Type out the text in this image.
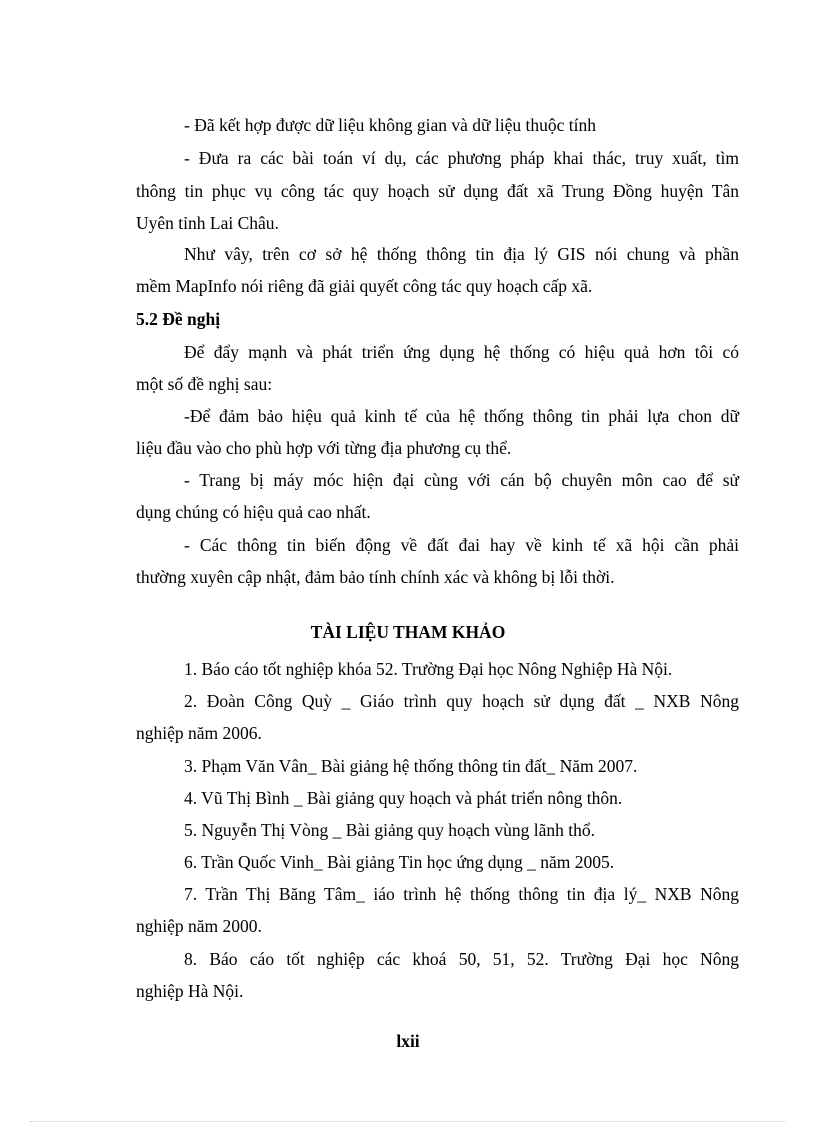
- Đã kết hợp được dữ liệu không gian và dữ liệu thuộc tính
- Đưa ra các bài toán ví dụ, các phương pháp khai thác, truy xuất, tìm
thông tin phục vụ công tác quy hoạch sử dụng đất xã Trung Đồng huyện Tân
Uyên tỉnh Lai Châu.
Như vây, trên cơ sở hệ thống thông tin địa lý GIS nói chung và phần
mềm MapInfo nói riêng đã giải quyết công tác quy hoạch cấp xã.
5.2 Đề nghị
Để đẩy mạnh và phát triển ứng dụng hệ thống có hiệu quả hơn tôi có
một số đề nghị sau:
-Để đảm bảo hiệu quả kinh tế của hệ thống thông tin phải lựa chon dữ
liệu đầu vào cho phù hợp với từng địa phương cụ thể.
- Trang bị máy móc hiện đại cùng với cán bộ chuyên môn cao để sử
dụng chúng có hiệu quả cao nhất.
- Các thông tin biến động về đất đai hay về kinh tế xã hội cần phải
thường xuyên cập nhật, đảm bảo tính chính xác và không bị lỗi thời.
TÀI LIỆU THAM KHẢO
1. Báo cáo tốt nghiệp khóa 52. Trường Đại học Nông Nghiệp Hà Nội.
2. Đoàn Công Quỳ _ Giáo trình quy hoạch sử dụng đất _ NXB Nông
nghiệp năm 2006.
3. Phạm Văn Vân_ Bài giảng hệ thống thông tin đất_ Năm 2007.
4. Vũ Thị Bình _ Bài giảng quy hoạch và phát triển nông thôn.
5. Nguyễn Thị Vòng _ Bài giảng quy hoạch vùng lãnh thổ.
6. Trần Quốc Vinh_ Bài giảng Tin học ứng dụng _ năm 2005.
7. Trần Thị Băng Tâm_ iáo trình hệ thống thông tin địa lý_ NXB Nông
nghiệp năm 2000.
8. Báo cáo tốt nghiệp các khoá 50, 51, 52. Trường Đại học Nông
nghiệp Hà Nội.
lxii
